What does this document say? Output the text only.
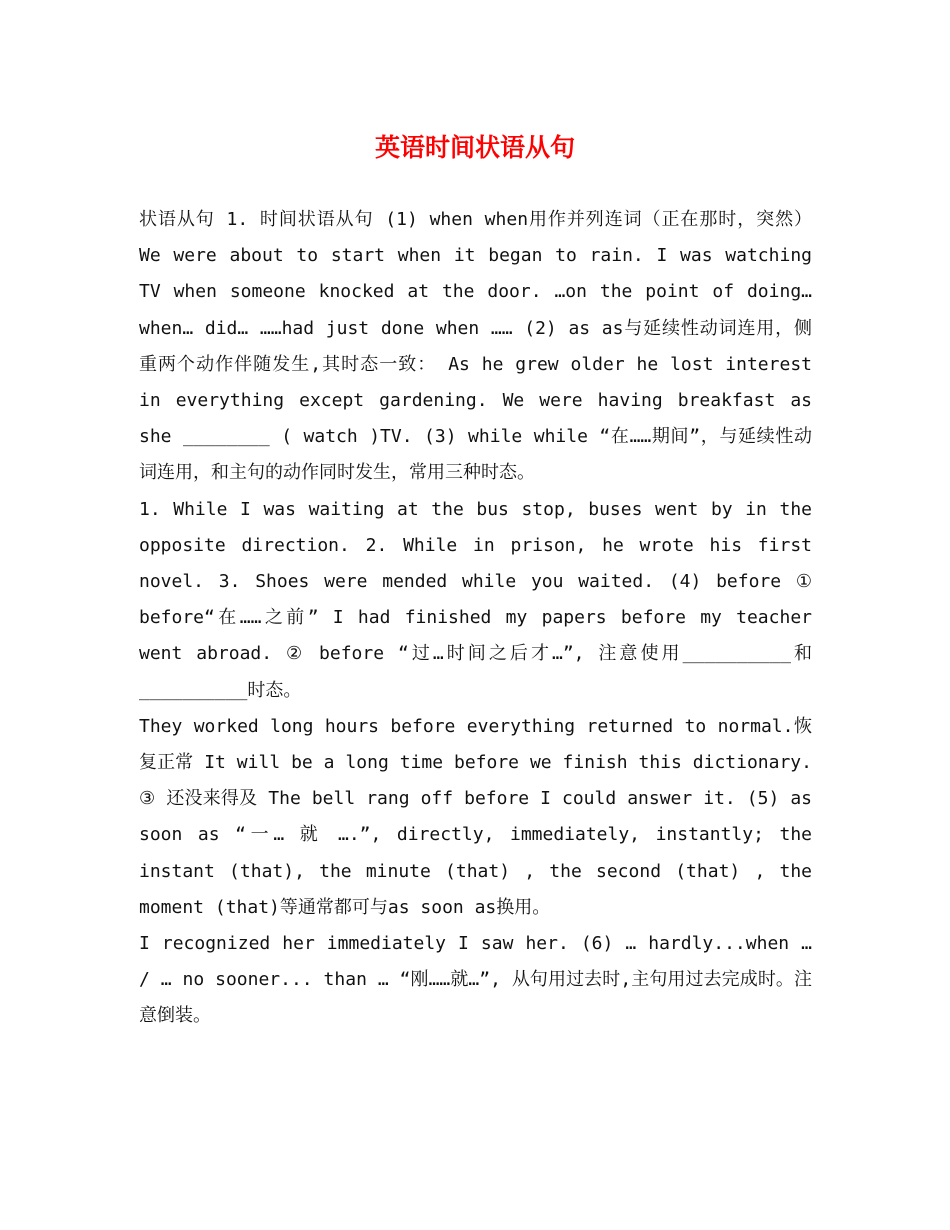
英语时间状语从句

状语从句 1. 时间状语从句 (1) when when用作并列连词（正在那时，突然） We were about to start when it began to rain. I was watching TV when someone knocked at the door. …on the point of doing…when… did… ……had just done when …… (2) as as与延续性动词连用，侧重两个动作伴随发生,其时态一致： As he grew older he lost interest in everything except gardening. We were having breakfast as she ________ ( watch )TV. (3) while while “在……期间”，与延续性动词连用，和主句的动作同时发生，常用三种时态。

1. While I was waiting at the bus stop, buses went by in the opposite direction. 2. While in prison, he wrote his first novel. 3. Shoes were mended while you waited. (4) before ① before“在……之前” I had finished my papers before my teacher went abroad. ② before “过…时间之后才…”, 注意使用__________和__________时态。

They worked long hours before everything returned to normal.恢复正常 It will be a long time before we finish this dictionary. ③ 还没来得及 The bell rang off before I could answer it. (5) as soon as “一… 就 ….”, directly, immediately, instantly; the instant (that), the minute (that) , the second (that) , the moment (that)等通常都可与as soon as换用。

I recognized her immediately I saw her. (6) … hardly...when … / … no sooner... than … “刚……就…”, 从句用过去时,主句用过去完成时。注意倒装。
